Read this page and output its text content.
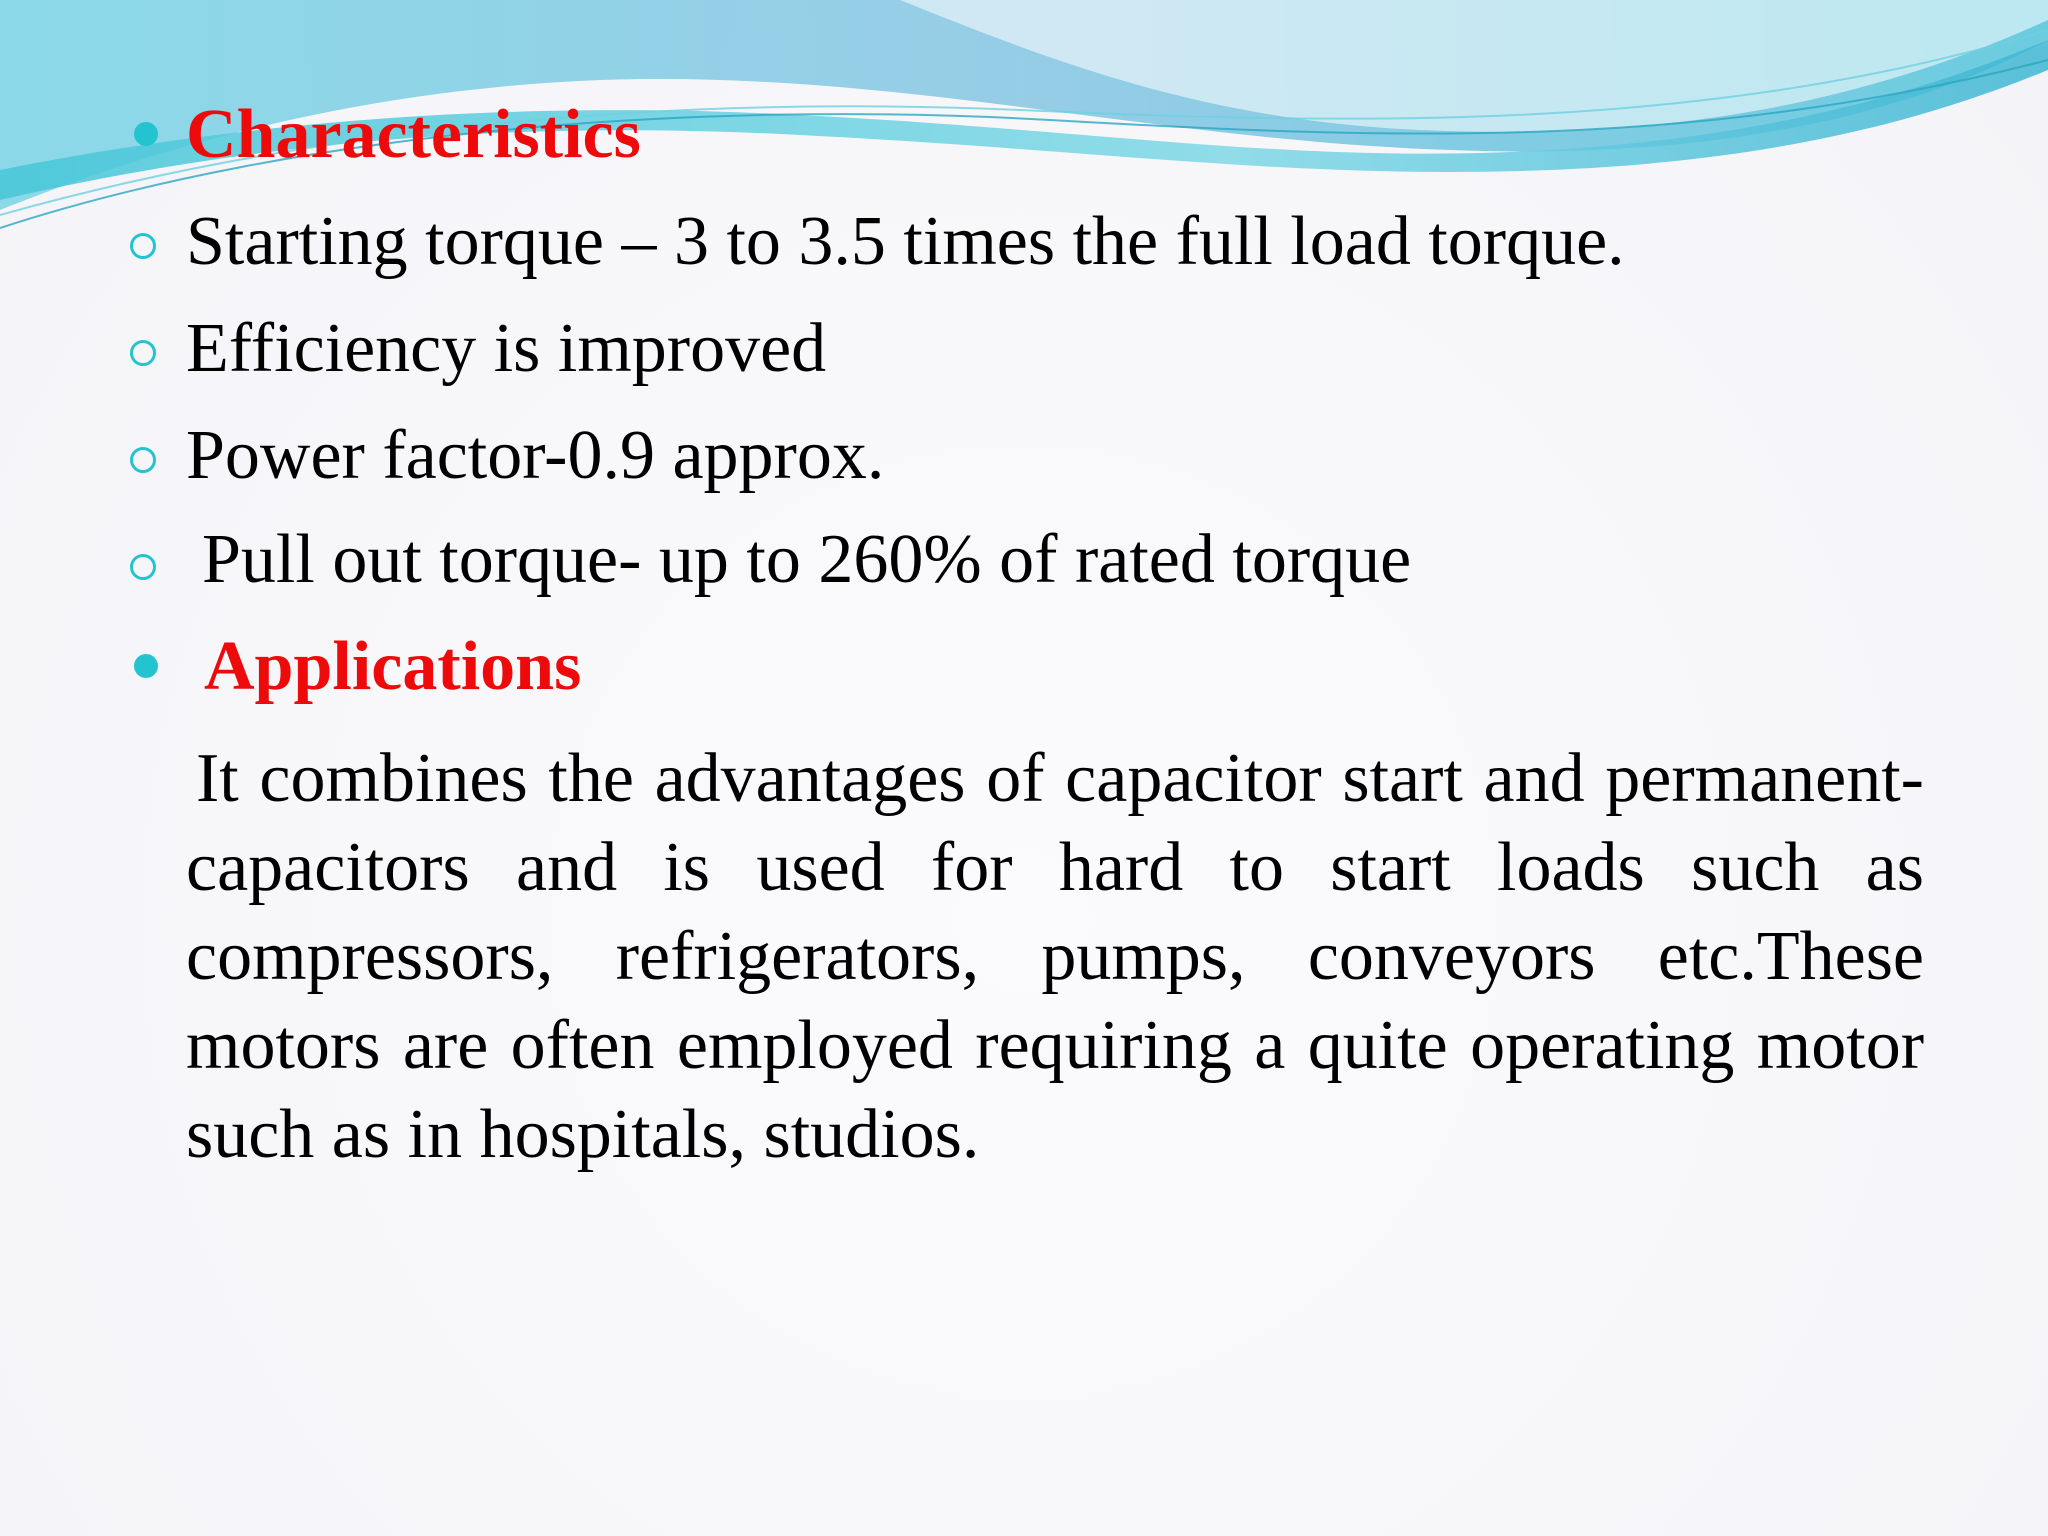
Characteristics
Starting torque – 3 to 3.5 times the full load torque.
Efficiency is improved
Power factor-0.9 approx.
Pull out torque- up to 260% of rated torque
Applications
It combines the advantages of capacitor start and permanent-capacitors and is used for hard to start loads such as compressors, refrigerators, pumps, conveyors etc.These motors are often employed requiring a quite operating motor such as in hospitals, studios.
